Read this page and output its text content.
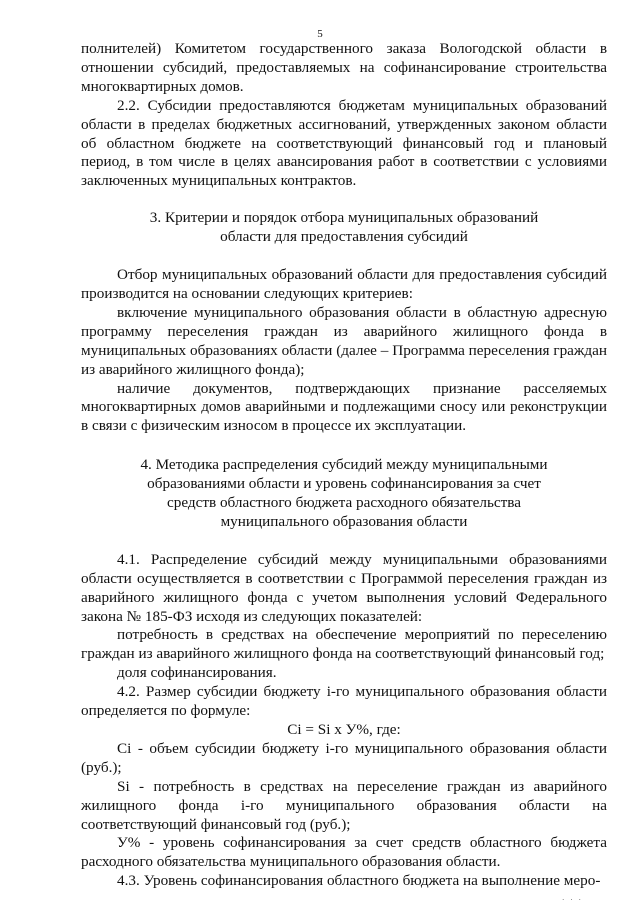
5

полнителей) Комитетом государственного заказа Вологодской области в отношении субсидий, предоставляемых на софинансирование строительства многоквартирных домов.

2.2. Субсидии предоставляются бюджетам муниципальных образований области в пределах бюджетных ассигнований, утвержденных законом области об областном бюджете на соответствующий финансовый год и плановый период, в том числе в целях авансирования работ в соответствии с условиями заключенных муниципальных контрактов.

3. Критерии и порядок отбора муниципальных образований

области для предоставления субсидий

Отбор муниципальных образований области для предоставления субсидий производится на основании следующих критериев:

включение муниципального образования области в областную адресную программу переселения граждан из аварийного жилищного фонда в муниципальных образованиях области (далее – Программа переселения граждан из аварийного жилищного фонда);

наличие документов, подтверждающих признание расселяемых многоквартирных домов аварийными и подлежащими сносу или реконструкции в связи с физическим износом в процессе их эксплуатации.

4. Методика распределения субсидий между муниципальными

образованиями области и уровень софинансирования за счет

средств областного бюджета расходного обязательства

муниципального образования области

4.1. Распределение субсидий между муниципальными образованиями области осуществляется в соответствии с Программой переселения граждан из аварийного жилищного фонда с учетом выполнения условий Федерального закона № 185-ФЗ исходя из следующих показателей:

потребность в средствах на обеспечение мероприятий по переселению граждан из аварийного жилищного фонда на соответствующий финансовый год;

доля софинансирования.

4.2. Размер субсидии бюджету i-го муниципального образования области определяется по формуле:

Ci = Si x У%, где:

Ci - объем субсидии бюджету i-го муниципального образования области (руб.);

Si - потребность в средствах на переселение граждан из аварийного жилищного фонда i-го муниципального образования области на соответствующий финансовый год (руб.);

У% - уровень софинансирования за счет средств областного бюджета расходного обязательства муниципального образования области.

4.3. Уровень софинансирования областного бюджета на выполнение меро-

···
